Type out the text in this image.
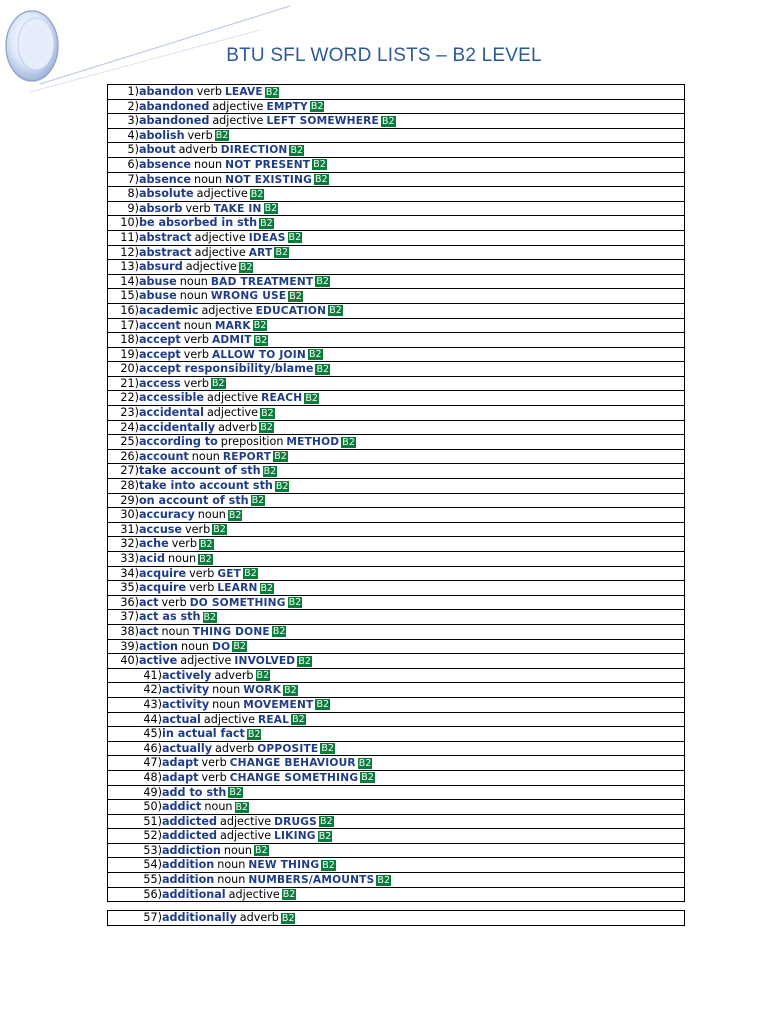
BTU SFL WORD LISTS – B2 LEVEL
1)abandon verb LEAVE B2
2)abandoned adjective EMPTY B2
3)abandoned adjective LEFT SOMEWHERE B2
4)abolish verb B2
5)about adverb DIRECTION B2
6)absence noun NOT PRESENT B2
7)absence noun NOT EXISTING B2
8)absolute adjective B2
9)absorb verb TAKE IN B2
10)be absorbed in sth B2
11)abstract adjective IDEAS B2
12)abstract adjective ART B2
13)absurd adjective B2
14)abuse noun BAD TREATMENT B2
15)abuse noun WRONG USE B2
16)academic adjective EDUCATION B2
17)accent noun MARK B2
18)accept verb ADMIT B2
19)accept verb ALLOW TO JOIN B2
20)accept responsibility/blame B2
21)access verb B2
22)accessible adjective REACH B2
23)accidental adjective B2
24)accidentally adverb B2
25)according to preposition METHOD B2
26)account noun REPORT B2
27)take account of sth B2
28)take into account sth B2
29)on account of sth B2
30)accuracy noun B2
31)accuse verb B2
32)ache verb B2
33)acid noun B2
34)acquire verb GET B2
35)acquire verb LEARN B2
36)act verb DO SOMETHING B2
37)act as sth B2
38)act noun THING DONE B2
39)action noun DO B2
40)active adjective INVOLVED B2
41)actively adverb B2
42)activity noun WORK B2
43)activity noun MOVEMENT B2
44)actual adjective REAL B2
45)in actual fact B2
46)actually adverb OPPOSITE B2
47)adapt verb CHANGE BEHAVIOUR B2
48)adapt verb CHANGE SOMETHING B2
49)add to sth B2
50)addict noun B2
51)addicted adjective DRUGS B2
52)addicted adjective LIKING B2
53)addiction noun B2
54)addition noun NEW THING B2
55)addition noun NUMBERS/AMOUNTS B2
56)additional adjective B2
57)additionally adverb B2
